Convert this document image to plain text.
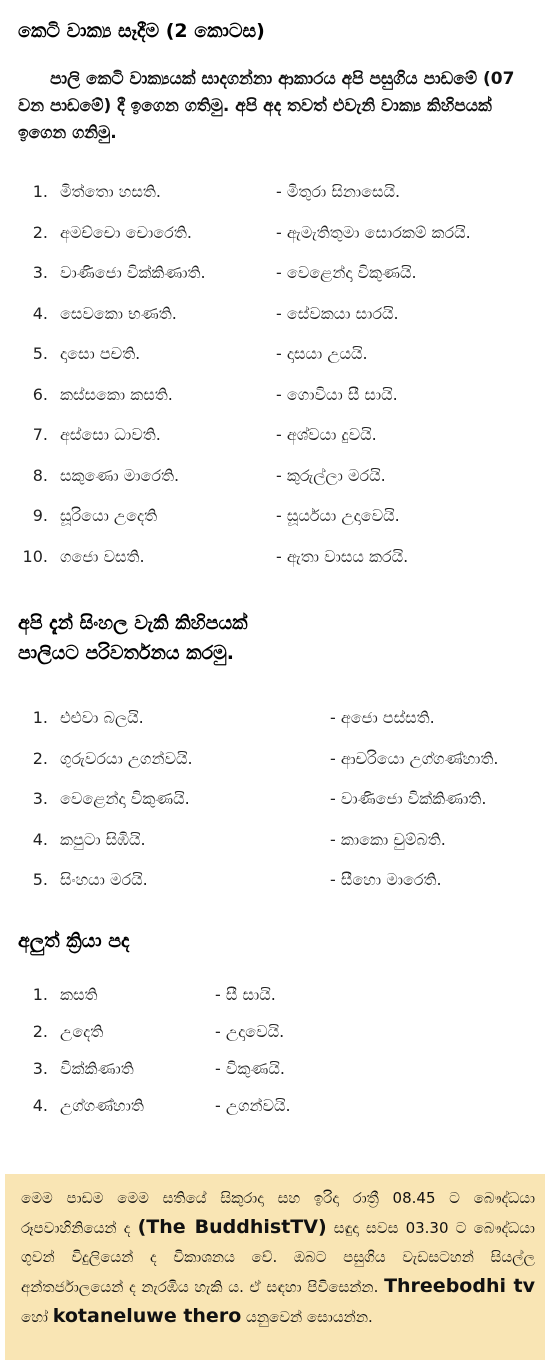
කෙටි වාක්‍ය සෑදීම (2 කොටස)
පාලි කෙටි වාක්‍යයක් සාදගන්නා ආකාරය අපි පසුගිය පාඩමේ (07 වන පාඩමේ) දී ඉගෙන ගතිමු. අපි අද තවත් එවැනි වාක්‍ය කිහිපයක් ඉගෙන ගනිමු.
1. මිත්තො හසති.	- මිතුරා සිනාසෙයි.
2. අමච්චො චොරෙති.	- ඇමැතිතුමා සොරකම් කරයි.
3. වාණිජො වික්කිණාති.	- වෙළෙන්දා විකුණයි.
4. සෙවකො භණති.	- සේවකයා සාරයි.
5. දාසො පචති.	- දාසයා උයයි.
6. කස්සකො කසති.	- ගොවියා සී සායි.
7. අස්සො ධාවති.	- අශ්වයා දුවයි.
8. සකුණො මාරෙති.	- කුරුල්ලා මරයි.
9. සූරියො උදෙති	- සූර්යයා උදාවෙයි.
10. ගජො වසති.	- ඇතා වාසය කරයි.
අපි දැන් සිංහල වැකි කිහිපයක්
පාලියට පරිවර්තනය කරමු.
1. එළුවා බලයි.	- අජො පස්සති.
2. ගුරුවරයා උගන්වයි.	- ආචරියො උග්ගණ්හාති.
3. වෙළෙන්දා විකුණයි.	- වාණිජො වික්කිණාති.
4. කපුටා සිඹියි.	- කාකො චුම්බති.
5. සිංහයා මරයි.	- සීහො මාරෙති.
අලුත් ක්‍රියා පද
1. කසති	- සී සායි.
2. උදෙති	- උදාවෙයි.
3. වික්කිණාති	- විකුණයි.
4. උග්ගණ්හාති	- උගන්වයි.
මෙම පාඩම මෙම සතියේ සිකුරාදා සහ ඉරිදා රාත්‍රී 08.45 ට බෞද්ධයා රූපවාහිනියෙන් ද (The BuddhistTV) සඳුදා සවස 03.30 ට බෞද්ධයා ගුවන් විදුලියෙන් ද විකාශනය වේ. ඔබට පසුගිය වැඩසටහන් සියල්ල අන්තර්ජාලයෙන් ද නැරඹිය හැකි ය. ඒ සඳහා පිවිසෙන්න. Threebodhi tv හෝ kotaneluwe thero යනුවෙන් සොයන්න.
